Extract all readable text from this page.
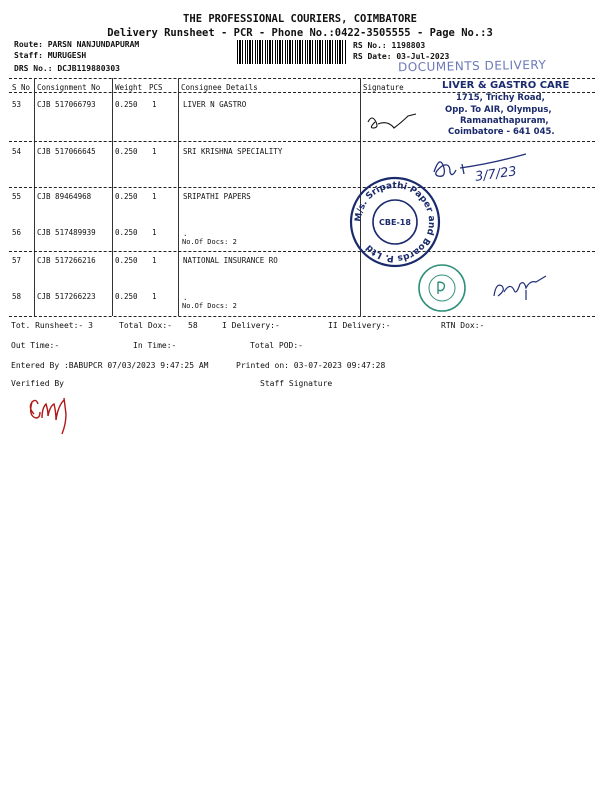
THE PROFESSIONAL COURIERS, COIMBATORE
Delivery Runsheet - PCR - Phone No.:0422-3505555 - Page No.:3
Route: PARSN NANJUNDAPURAM
Staff: MURUGESH
DRS No.: DCJB119880303
RS No.: 1198803
RS Date: 03-Jul-2023
DOCUMENTS DELIVERY
S No Consignment No Weight PCS Consignee Details	Signature
53 CJB 517066793	0.250 1	LIVER N GASTRO
54 CJB 517066645	0.250 1	SRI KRISHNA SPECIALITY
55 CJB 89464968	0.250 1	SRIPATHI PAPERS
56 CJB 517489939	0.250 1	.
No.Of Docs: 2
57 CJB 517266216	0.250 1	NATIONAL INSURANCE RO
58 CJB 517266223	0.250 1	.
No.Of Docs: 2
LIVER & GASTRO CARE
1715, Trichy Road,
Opp. To AIR, Olympus,
Ramanathapuram,
Coimbatore - 641 045.
3/7/23
M/s. Sripathi Paper and Boards P. Ltd
CBE-18
Tot. Runsheet:- 3	Total Dox:- 58	I Delivery:-	II Delivery:-	RTN Dox:-
Out Time:-	In Time:-	Total POD:-
Entered By :BABUPCR 07/03/2023 9:47:25 AM	Printed on: 03-07-2023 09:47:28
Verified By	Staff Signature
